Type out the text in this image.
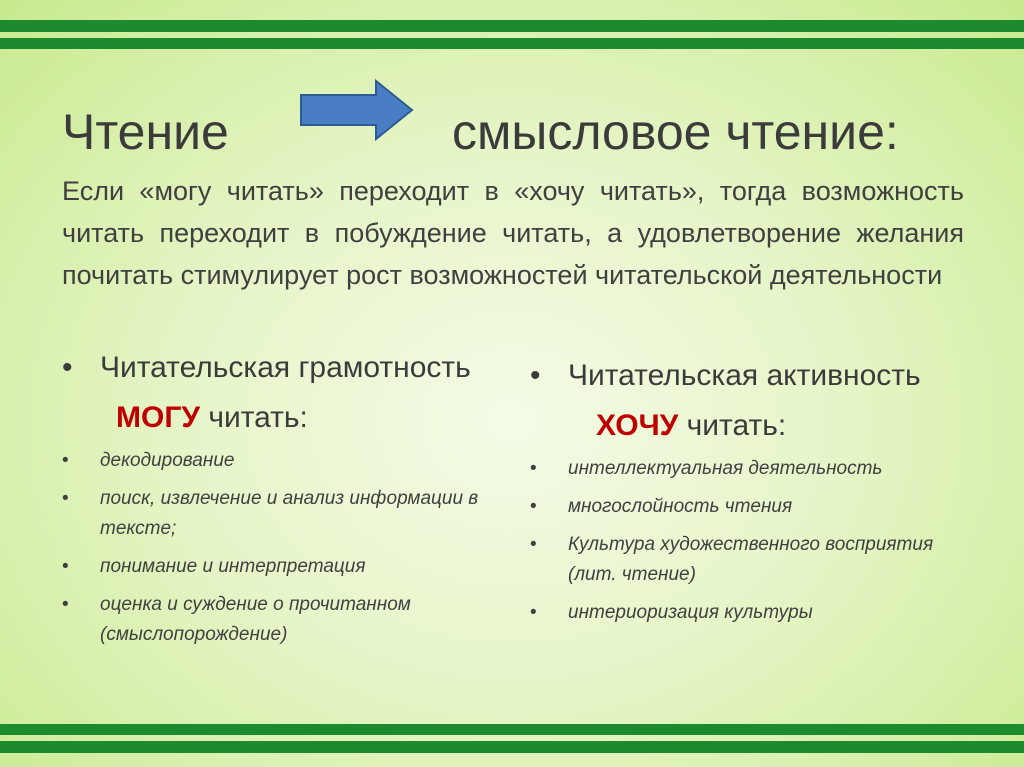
Чтение	смысловое чтение:
Если «могу читать» переходит в «хочу читать», тогда возможность читать переходит в побуждение читать, а удовлетворение желания почитать стимулирует рост возможностей читательской деятельности
• Читательская грамотность
МОГУ читать:
• декодирование
• поиск, извлечение и анализ информации в тексте;
• понимание и интерпретация
• оценка и суждение о прочитанном (смыслопорождение)
• Читательская активность
ХОЧУ читать:
• интеллектуальная деятельность
• многослойность чтения
• Культура художественного восприятия (лит. чтение)
• интериоризация культуры
